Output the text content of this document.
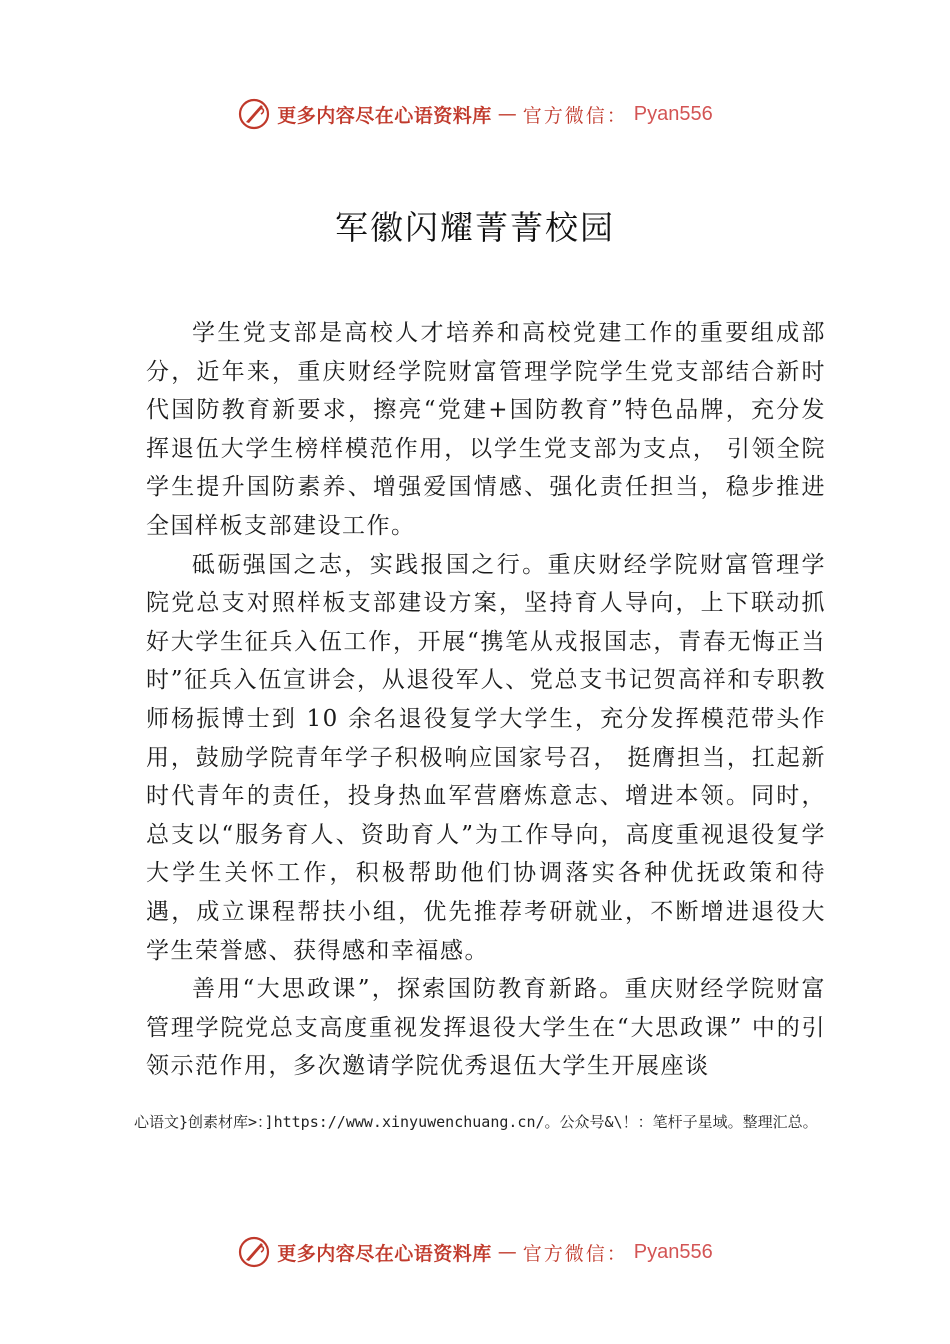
更多内容尽在心语资料库 — 官方微信： Pyan556
军徽闪耀菁菁校园

学生党支部是高校人才培养和高校党建工作的重要组成部分，近年来，重庆财经学院财富管理学院学生党支部结合新时代国防教育新要求，擦亮“党建+国防教育”特色品牌，充分发挥退伍大学生榜样模范作用，以学生党支部为支点， 引领全院学生提升国防素养、增强爱国情感、强化责任担当，稳步推进全国样板支部建设工作。

砥砺强国之志，实践报国之行。重庆财经学院财富管理学院党总支对照样板支部建设方案，坚持育人导向，上下联动抓好大学生征兵入伍工作，开展“携笔从戎报国志，青春无悔正当时”征兵入伍宣讲会，从退役军人、党总支书记贺高祥和专职教师杨振博士到 10 余名退役复学大学生，充分发挥模范带头作用，鼓励学院青年学子积极响应国家号召， 挺膺担当，扛起新时代青年的责任，投身热血军营磨炼意志、增进本领。同时，总支以“服务育人、资助育人”为工作导向，高度重视退役复学大学生关怀工作，积极帮助他们协调落实各种优抚政策和待遇，成立课程帮扶小组，优先推荐考研就业，不断增进退役大学生荣誉感、获得感和幸福感。

善用“大思政课”，探索国防教育新路。重庆财经学院财富管理学院党总支高度重视发挥退役大学生在“大思政课” 中的引领示范作用，多次邀请学院优秀退伍大学生开展座谈

心语文}创素材库>：]https://www.xinyuwenchuang.cn/。公众号&\！：笔杆子星域。整理汇总。
更多内容尽在心语资料库 — 官方微信： Pyan556
